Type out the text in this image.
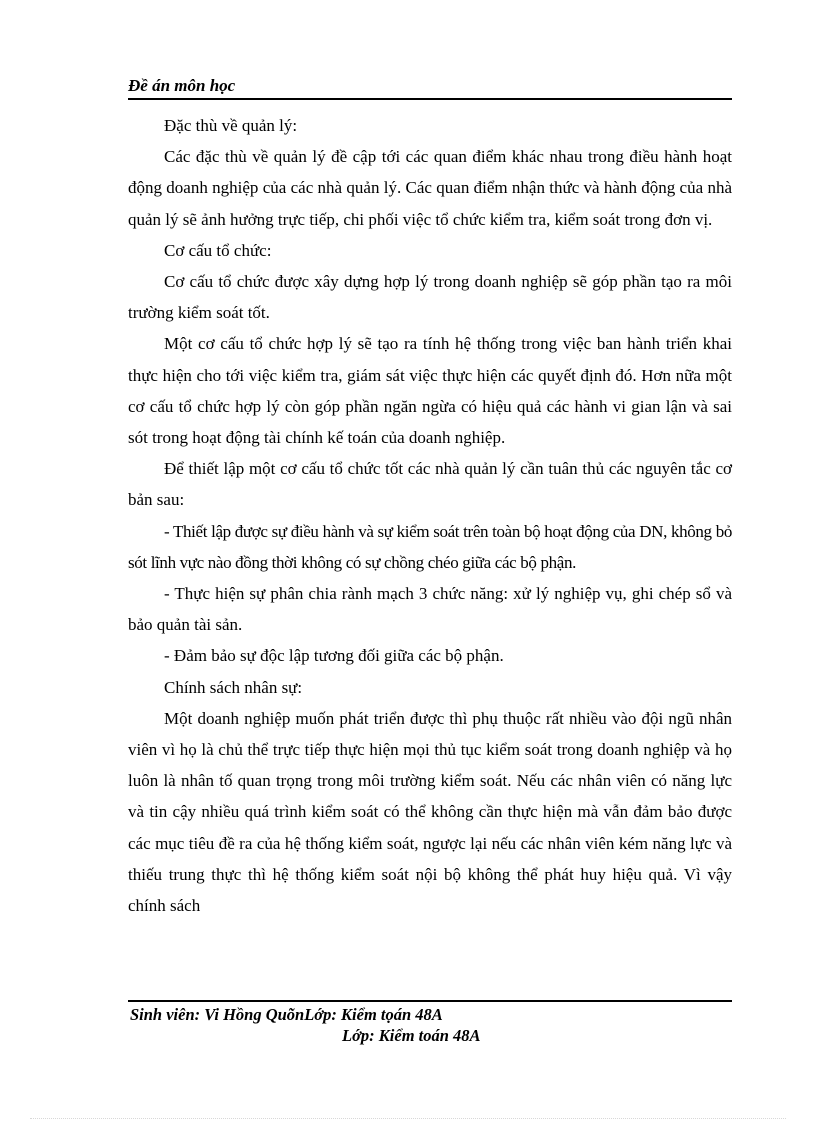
Đề án môn học

Đặc thù về quản lý:

Các đặc thù về quản lý đề cập tới các quan điểm khác nhau trong điều hành hoạt động doanh nghiệp của các nhà quản lý. Các quan điểm nhận thức và hành động của nhà quản lý sẽ ảnh hưởng trực tiếp, chi phối việc tổ chức kiểm tra, kiểm soát trong đơn vị.

Cơ cấu tổ chức:

Cơ cấu tổ chức được xây dựng hợp lý trong doanh nghiệp sẽ góp phần tạo ra môi trường kiểm soát tốt.

Một cơ cấu tổ chức hợp lý sẽ tạo ra tính hệ thống trong việc ban hành triển khai thực hiện cho tới việc kiểm tra, giám sát việc thực hiện các quyết định đó. Hơn nữa một cơ cấu tổ chức hợp lý còn góp phần ngăn ngừa có hiệu quả các hành vi gian lận và sai sót trong hoạt động tài chính kế toán của doanh nghiệp.

Để thiết lập một cơ cấu tổ chức tốt các nhà quản lý cần tuân thủ các nguyên tắc cơ bản sau:

- Thiết lập được sự điều hành và sự kiểm soát trên toàn bộ hoạt động của DN, không bỏ sót lĩnh vực nào đồng thời không có sự chồng chéo giữa các bộ phận.

- Thực hiện sự phân chia rành mạch 3 chức năng: xử lý nghiệp vụ, ghi chép sổ và bảo quản tài sản.

- Đảm bảo sự độc lập tương đối giữa các bộ phận.

Chính sách nhân sự:

Một doanh nghiệp muốn phát triển được thì phụ thuộc rất nhiều vào đội ngũ nhân viên vì họ là chủ thể trực tiếp thực hiện mọi thủ tục kiểm soát trong doanh nghiệp và họ luôn là nhân tố quan trọng trong môi trường kiểm soát. Nếu các nhân viên có năng lực và tin cậy nhiều quá trình kiểm soát có thể không cần thực hiện mà vẫn đảm bảo được các mục tiêu đề ra của hệ thống kiểm soát, ngược lại nếu các nhân viên kém năng lực và thiếu trung thực thì hệ thống kiểm soát nội bộ không thể phát huy hiệu quả. Vì vậy chính sách

Sinh viên: Vi Hồng QuõnLớp: Kiểm tọán 48A
Lớp: Kiểm toán 48A
